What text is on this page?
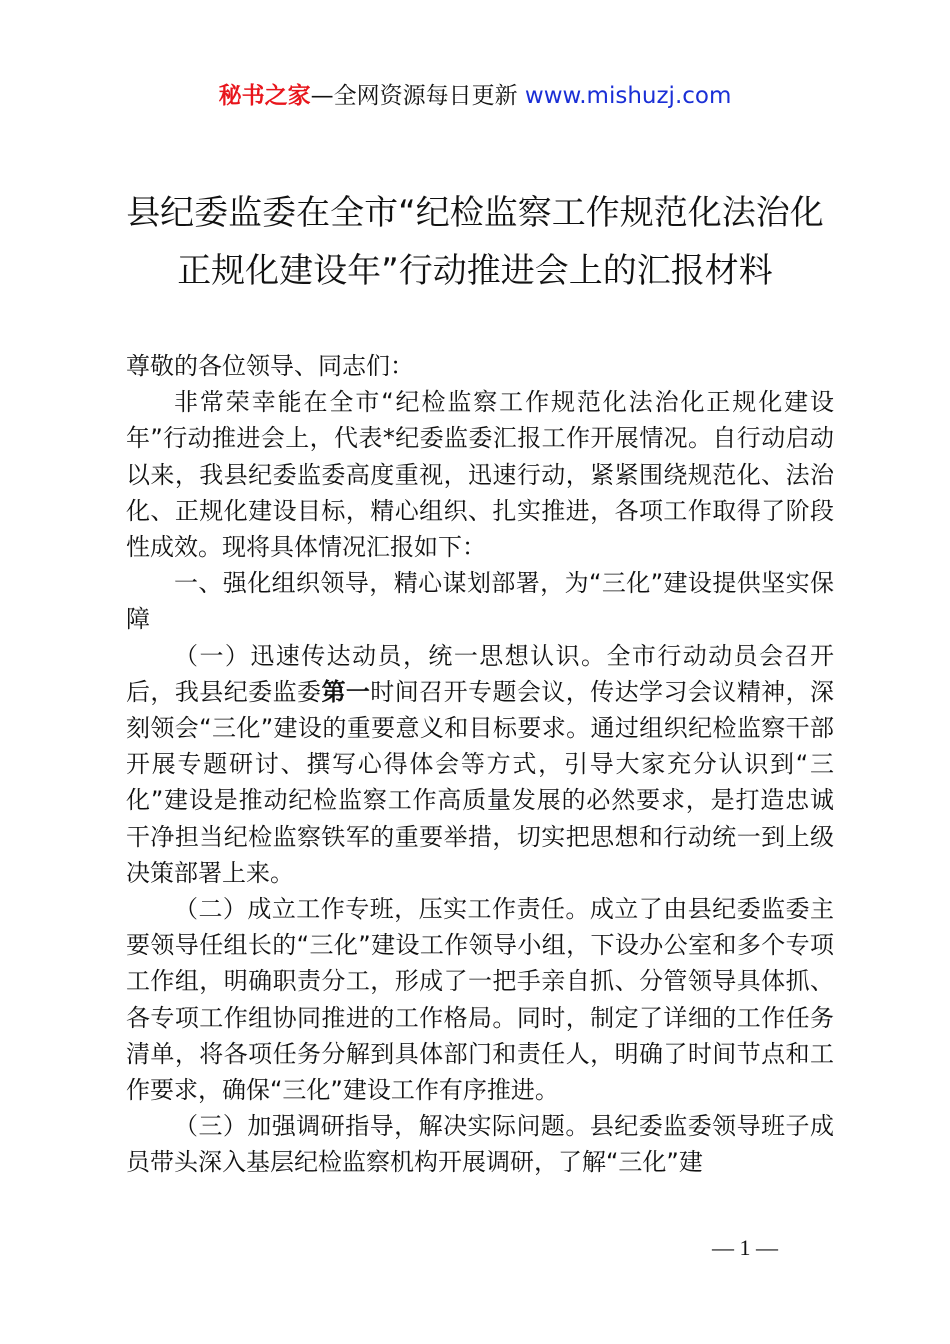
秘书之家—全网资源每日更新 www.mishuzj.com
县纪委监委在全市“纪检监察工作规范化法治化正规化建设年”行动推进会上的汇报材料

尊敬的各位领导、同志们：

非常荣幸能在全市“纪检监察工作规范化法治化正规化建设年”行动推进会上，代表*纪委监委汇报工作开展情况。自行动启动以来，我县纪委监委高度重视，迅速行动，紧紧围绕规范化、法治化、正规化建设目标，精心组织、扎实推进，各项工作取得了阶段性成效。现将具体情况汇报如下：

一、强化组织领导，精心谋划部署，为“三化”建设提供坚实保障

（一）迅速传达动员，统一思想认识。全市行动动员会召开后，我县纪委监委第一时间召开专题会议，传达学习会议精神，深刻领会“三化”建设的重要意义和目标要求。通过组织纪检监察干部开展专题研讨、撰写心得体会等方式，引导大家充分认识到“三化”建设是推动纪检监察工作高质量发展的必然要求，是打造忠诚干净担当纪检监察铁军的重要举措，切实把思想和行动统一到上级决策部署上来。

（二）成立工作专班，压实工作责任。成立了由县纪委监委主要领导任组长的“三化”建设工作领导小组，下设办公室和多个专项工作组，明确职责分工，形成了一把手亲自抓、分管领导具体抓、各专项工作组协同推进的工作格局。同时，制定了详细的工作任务清单，将各项任务分解到具体部门和责任人，明确了时间节点和工作要求，确保“三化”建设工作有序推进。

（三）加强调研指导，解决实际问题。县纪委监委领导班子成员带头深入基层纪检监察机构开展调研，了解“三化”建

— 1 —
